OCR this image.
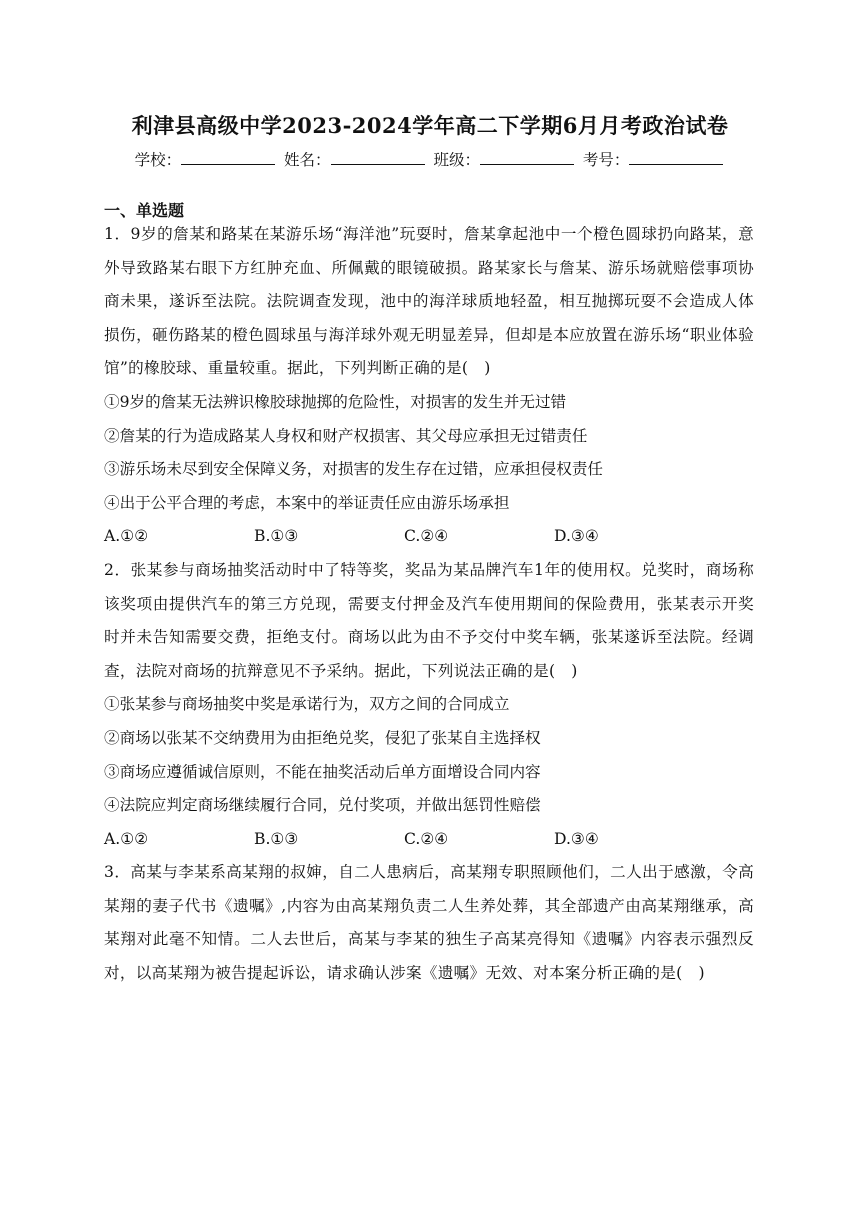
利津县高级中学2023-2024学年高二下学期6月月考政治试卷
学校：	姓名：	班级：	考号：
一、单选题

1．9岁的詹某和路某在某游乐场“海洋池”玩耍时，詹某拿起池中一个橙色圆球扔向路某，意外导致路某右眼下方红肿充血、所佩戴的眼镜破损。路某家长与詹某、游乐场就赔偿事项协商未果，遂诉至法院。法院调查发现，池中的海洋球质地轻盈，相互抛掷玩耍不会造成人体损伤，砸伤路某的橙色圆球虽与海洋球外观无明显差异，但却是本应放置在游乐场“职业体验馆”的橡胶球、重量较重。据此，下列判断正确的是(　)

①9岁的詹某无法辨识橡胶球抛掷的危险性，对损害的发生并无过错

②詹某的行为造成路某人身权和财产权损害、其父母应承担无过错责任

③游乐场未尽到安全保障义务，对损害的发生存在过错，应承担侵权责任

④出于公平合理的考虑，本案中的举证责任应由游乐场承担

A.①②	B.①③	C.②④	D.③④

2．张某参与商场抽奖活动时中了特等奖，奖品为某品牌汽车1年的使用权。兑奖时，商场称该奖项由提供汽车的第三方兑现，需要支付押金及汽车使用期间的保险费用，张某表示开奖时并未告知需要交费，拒绝支付。商场以此为由不予交付中奖车辆，张某遂诉至法院。经调查，法院对商场的抗辩意见不予采纳。据此，下列说法正确的是(　)

①张某参与商场抽奖中奖是承诺行为，双方之间的合同成立

②商场以张某不交纳费用为由拒绝兑奖，侵犯了张某自主选择权

③商场应遵循诚信原则，不能在抽奖活动后单方面增设合同内容

④法院应判定商场继续履行合同，兑付奖项，并做出惩罚性赔偿

A.①②	B.①③	C.②④	D.③④

3．高某与李某系高某翔的叔婶，自二人患病后，高某翔专职照顾他们，二人出于感激，令高某翔的妻子代书《遗嘱》,内容为由高某翔负责二人生养处葬，其全部遗产由高某翔继承，高某翔对此毫不知情。二人去世后，高某与李某的独生子高某亮得知《遗嘱》内容表示强烈反对，以高某翔为被告提起诉讼，请求确认涉案《遗嘱》无效、对本案分析正确的是(　)
